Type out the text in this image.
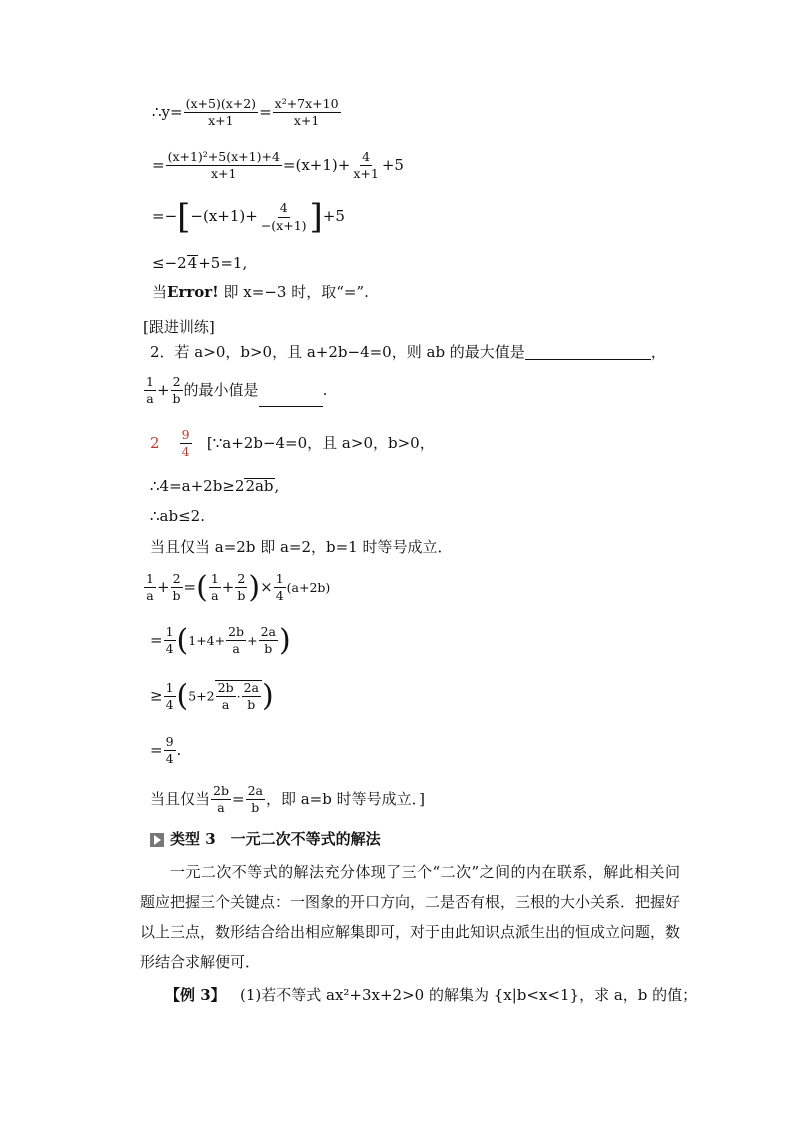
∴y= $\frac{(x+5)(x+2)}{x+1} = \frac{\text{x²+7x+10}}{x+1}$
= $\frac{\text{(x+1)²+5(x+1)+4}}{x+1} =(x+1)+ \frac{4}{x+1} +5$
$=-[-(x+1)+ \frac{4}{-(x+1)} ]+5$
≤−24+5=1,
当Error! 即 x=−3 时，取“=”.
[跟进训练]
2．若 a>0，b>0，且 a+2b−4=0，则 ab 的最大值是	，
$\frac{1}{a} + \frac{2}{b}$ 的最小值是	.
$2 \frac{9}{4}$ [∵a+2b−4=0，且 a>0，b>0，
∴4=a+2b≥22ab,
∴ab≤2.
当且仅当 a=2b 即 a=2，b=1 时等号成立．
$\frac{1}{a} + \frac{2}{b}$ =( $\frac{1}{a} + \frac{2}{b}$ )× $\frac{1}{4} (a+2b)$
= $\frac{1}{4} (1+4+ \frac{2b}{a} + \frac{2a}{b}$ )
≥ $\frac{1}{4} (5+2 \frac{2b}{a} \cdot \frac{2a}{b}$ )
= $\frac{9}{4}$ .
当且仅当 $\frac{2b}{a} = \frac{2a}{b}$ ，即 a=b 时等号成立．]
类型 3　一元二次不等式的解法
一元二次不等式的解法充分体现了三个“二次”之间的内在联系，解此相关问题应把握三个关键点：一图象的开口方向，二是否有根，三根的大小关系．把握好以上三点，数形结合给出相应解集即可，对于由此知识点派生出的恒成立问题，数形结合求解便可．
【例 3】 (1)若不等式 ax²+3x+2>0 的解集为 {x|b<x<1}，求 a，b 的值；
